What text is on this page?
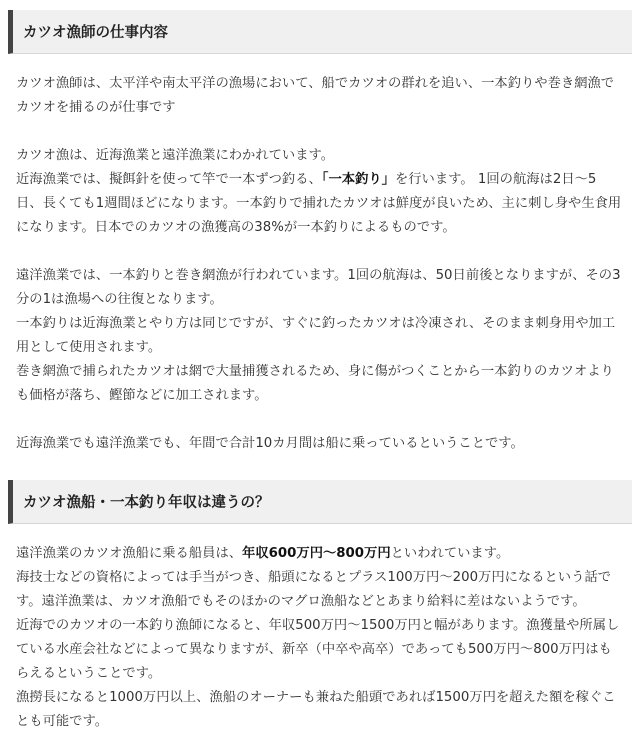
カツオ漁師の仕事内容

カツオ漁師は、太平洋や南太平洋の漁場において、船でカツオの群れを追い、一本釣りや巻き網漁で
カツオを捕るのが仕事です

カツオ漁は、近海漁業と遠洋漁業にわかれています。
近海漁業では、擬餌針を使って竿で一本ずつ釣る、「一本釣り」を行います。 1回の航海は2日～5
日、長くても1週間ほどになります。一本釣りで捕れたカツオは鮮度が良いため、主に刺し身や生食用
になります。日本でのカツオの漁獲高の38%が一本釣りによるものです。

遠洋漁業では、一本釣りと巻き網漁が行われています。1回の航海は、50日前後となりますが、その3
分の1は漁場への往復となります。
一本釣りは近海漁業とやり方は同じですが、すぐに釣ったカツオは冷凍され、そのまま刺身用や加工
用として使用されます。
巻き網漁で捕られたカツオは網で大量捕獲されるため、身に傷がつくことから一本釣りのカツオより
も価格が落ち、鰹節などに加工されます。

近海漁業でも遠洋漁業でも、年間で合計10カ月間は船に乗っているということです。

カツオ漁船・一本釣り年収は違うの？

遠洋漁業のカツオ漁船に乗る船員は、年収600万円～800万円といわれています。
海技士などの資格によっては手当がつき、船頭になるとプラス100万円～200万円になるという話で
す。遠洋漁業は、カツオ漁船でもそのほかのマグロ漁船などとあまり給料に差はないようです。
近海でのカツオの一本釣り漁師になると、年収500万円～1500万円と幅があります。漁獲量や所属し
ている水産会社などによって異なりますが、新卒（中卒や高卒）であっても500万円～800万円はも
らえるということです。
漁撈長になると1000万円以上、漁船のオーナーも兼ねた船頭であれば1500万円を超えた額を稼ぐこ
とも可能です。
